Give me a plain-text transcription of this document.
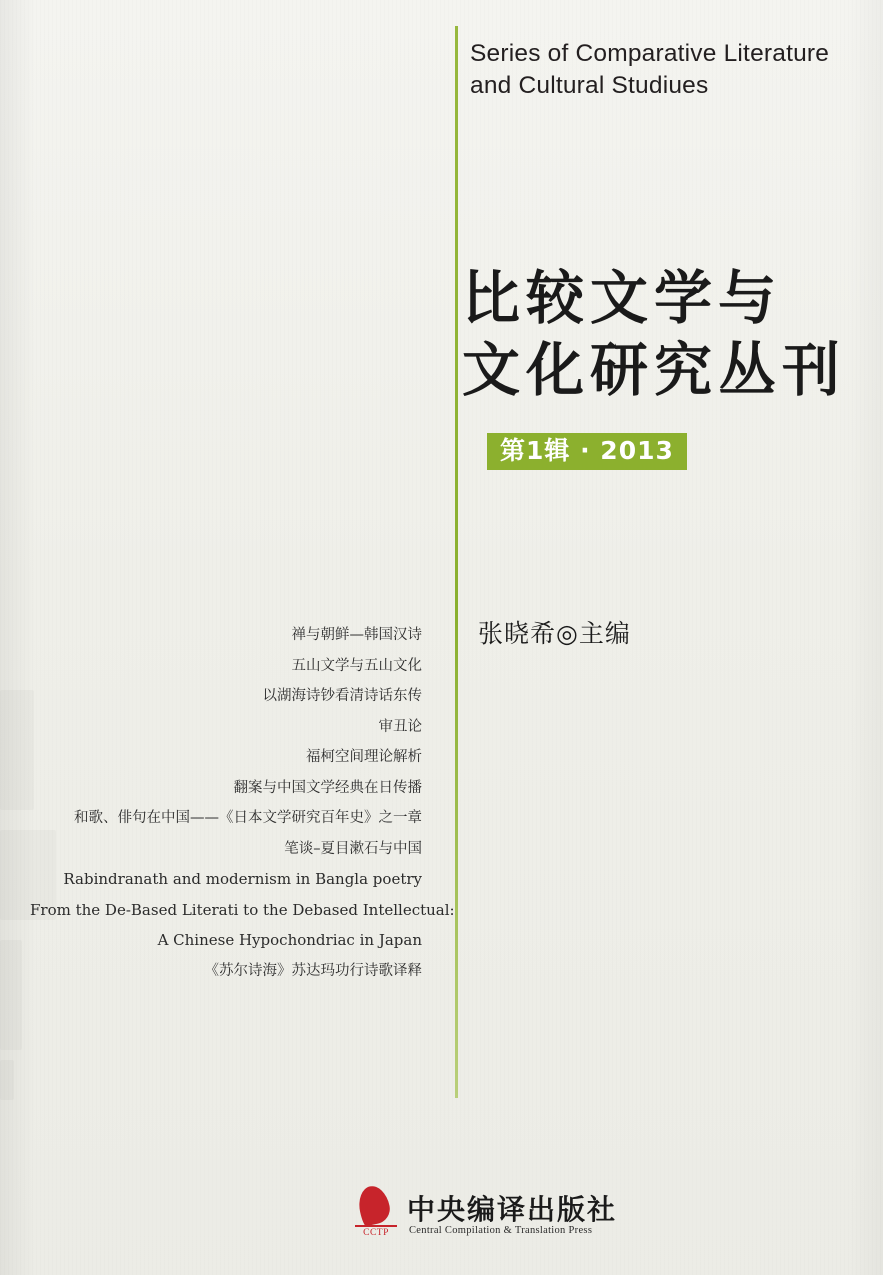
Series of Comparative Literature and Cultural Studiues
比较文学与
文化研究丛刊
第1辑 · 2013
张晓希◎主编
禅与朝鲜—韩国汉诗
五山文学与五山文化
以湖海诗钞看清诗话东传
审丑论
福柯空间理论解析
翻案与中国文学经典在日传播
和歌、俳句在中国——《日本文学研究百年史》之一章
笔谈–夏目漱石与中国
Rabindranath and modernism in Bangla poetry
From the De-Based Literati to the Debased Intellectual:
A Chinese Hypochondriac in Japan
《苏尔诗海》苏达玛功行诗歌译释
CCTP
中央编译出版社
Central Compilation & Translation Press
